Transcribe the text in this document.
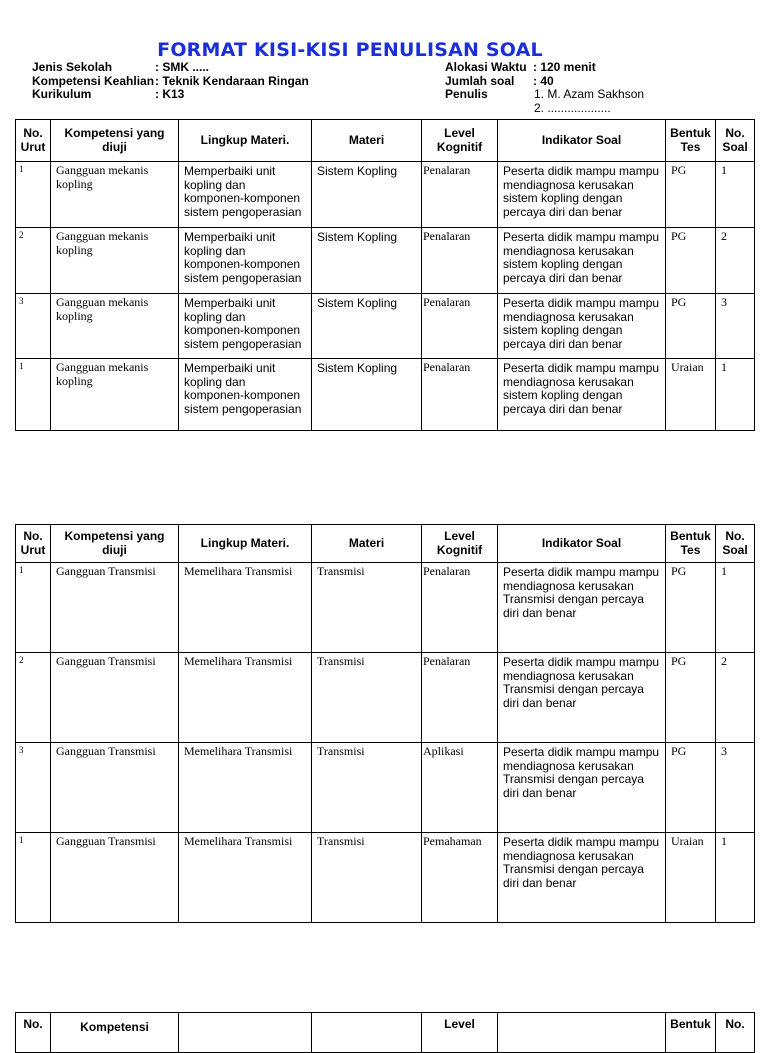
FORMAT KISI-KISI PENULISAN SOAL
Jenis Sekolah	: SMK .....
Kompetensi Keahlian : Teknik Kendaraan Ringan
Kurikulum	: K13
Alokasi Waktu : 120 menit
Jumlah soal : 40
Penulis	1. M. Azam Sakhson
2. ...................
No. Urut	Kompetensi yang diuji	Lingkup Materi.	Materi	Level Kognitif	Indikator Soal	Bentuk Tes	No. Soal
1	Gangguan mekanis kopling	Memperbaiki unit kopling dan komponen-komponen sistem pengoperasian	Sistem Kopling	Penalaran	Peserta didik mampu mampu mendiagnosa kerusakan sistem kopling dengan percaya diri dan benar	PG	1
2	Gangguan mekanis kopling	Memperbaiki unit kopling dan komponen-komponen sistem pengoperasian	Sistem Kopling	Penalaran	Peserta didik mampu mampu mendiagnosa kerusakan sistem kopling dengan percaya diri dan benar	PG	2
3	Gangguan mekanis kopling	Memperbaiki unit kopling dan komponen-komponen sistem pengoperasian	Sistem Kopling	Penalaran	Peserta didik mampu mampu mendiagnosa kerusakan sistem kopling dengan percaya diri dan benar	PG	3
1	Gangguan mekanis kopling	Memperbaiki unit kopling dan komponen-komponen sistem pengoperasian	Sistem Kopling	Penalaran	Peserta didik mampu mampu mendiagnosa kerusakan sistem kopling dengan percaya diri dan benar	Uraian	1
No. Urut	Kompetensi yang diuji	Lingkup Materi.	Materi	Level Kognitif	Indikator Soal	Bentuk Tes	No. Soal
1	Gangguan Transmisi	Memelihara Transmisi	Transmisi	Penalaran	Peserta didik mampu mampu mendiagnosa kerusakan Transmisi dengan percaya diri dan benar	PG	1
2	Gangguan Transmisi	Memelihara Transmisi	Transmisi	Penalaran	Peserta didik mampu mampu mendiagnosa kerusakan Transmisi dengan percaya diri dan benar	PG	2
3	Gangguan Transmisi	Memelihara Transmisi	Transmisi	Aplikasi	Peserta didik mampu mampu mendiagnosa kerusakan Transmisi dengan percaya diri dan benar	PG	3
1	Gangguan Transmisi	Memelihara Transmisi	Transmisi	Pemahaman	Peserta didik mampu mampu mendiagnosa kerusakan Transmisi dengan percaya diri dan benar	Uraian	1
No.	Kompetensi			Level		Bentuk	No.
